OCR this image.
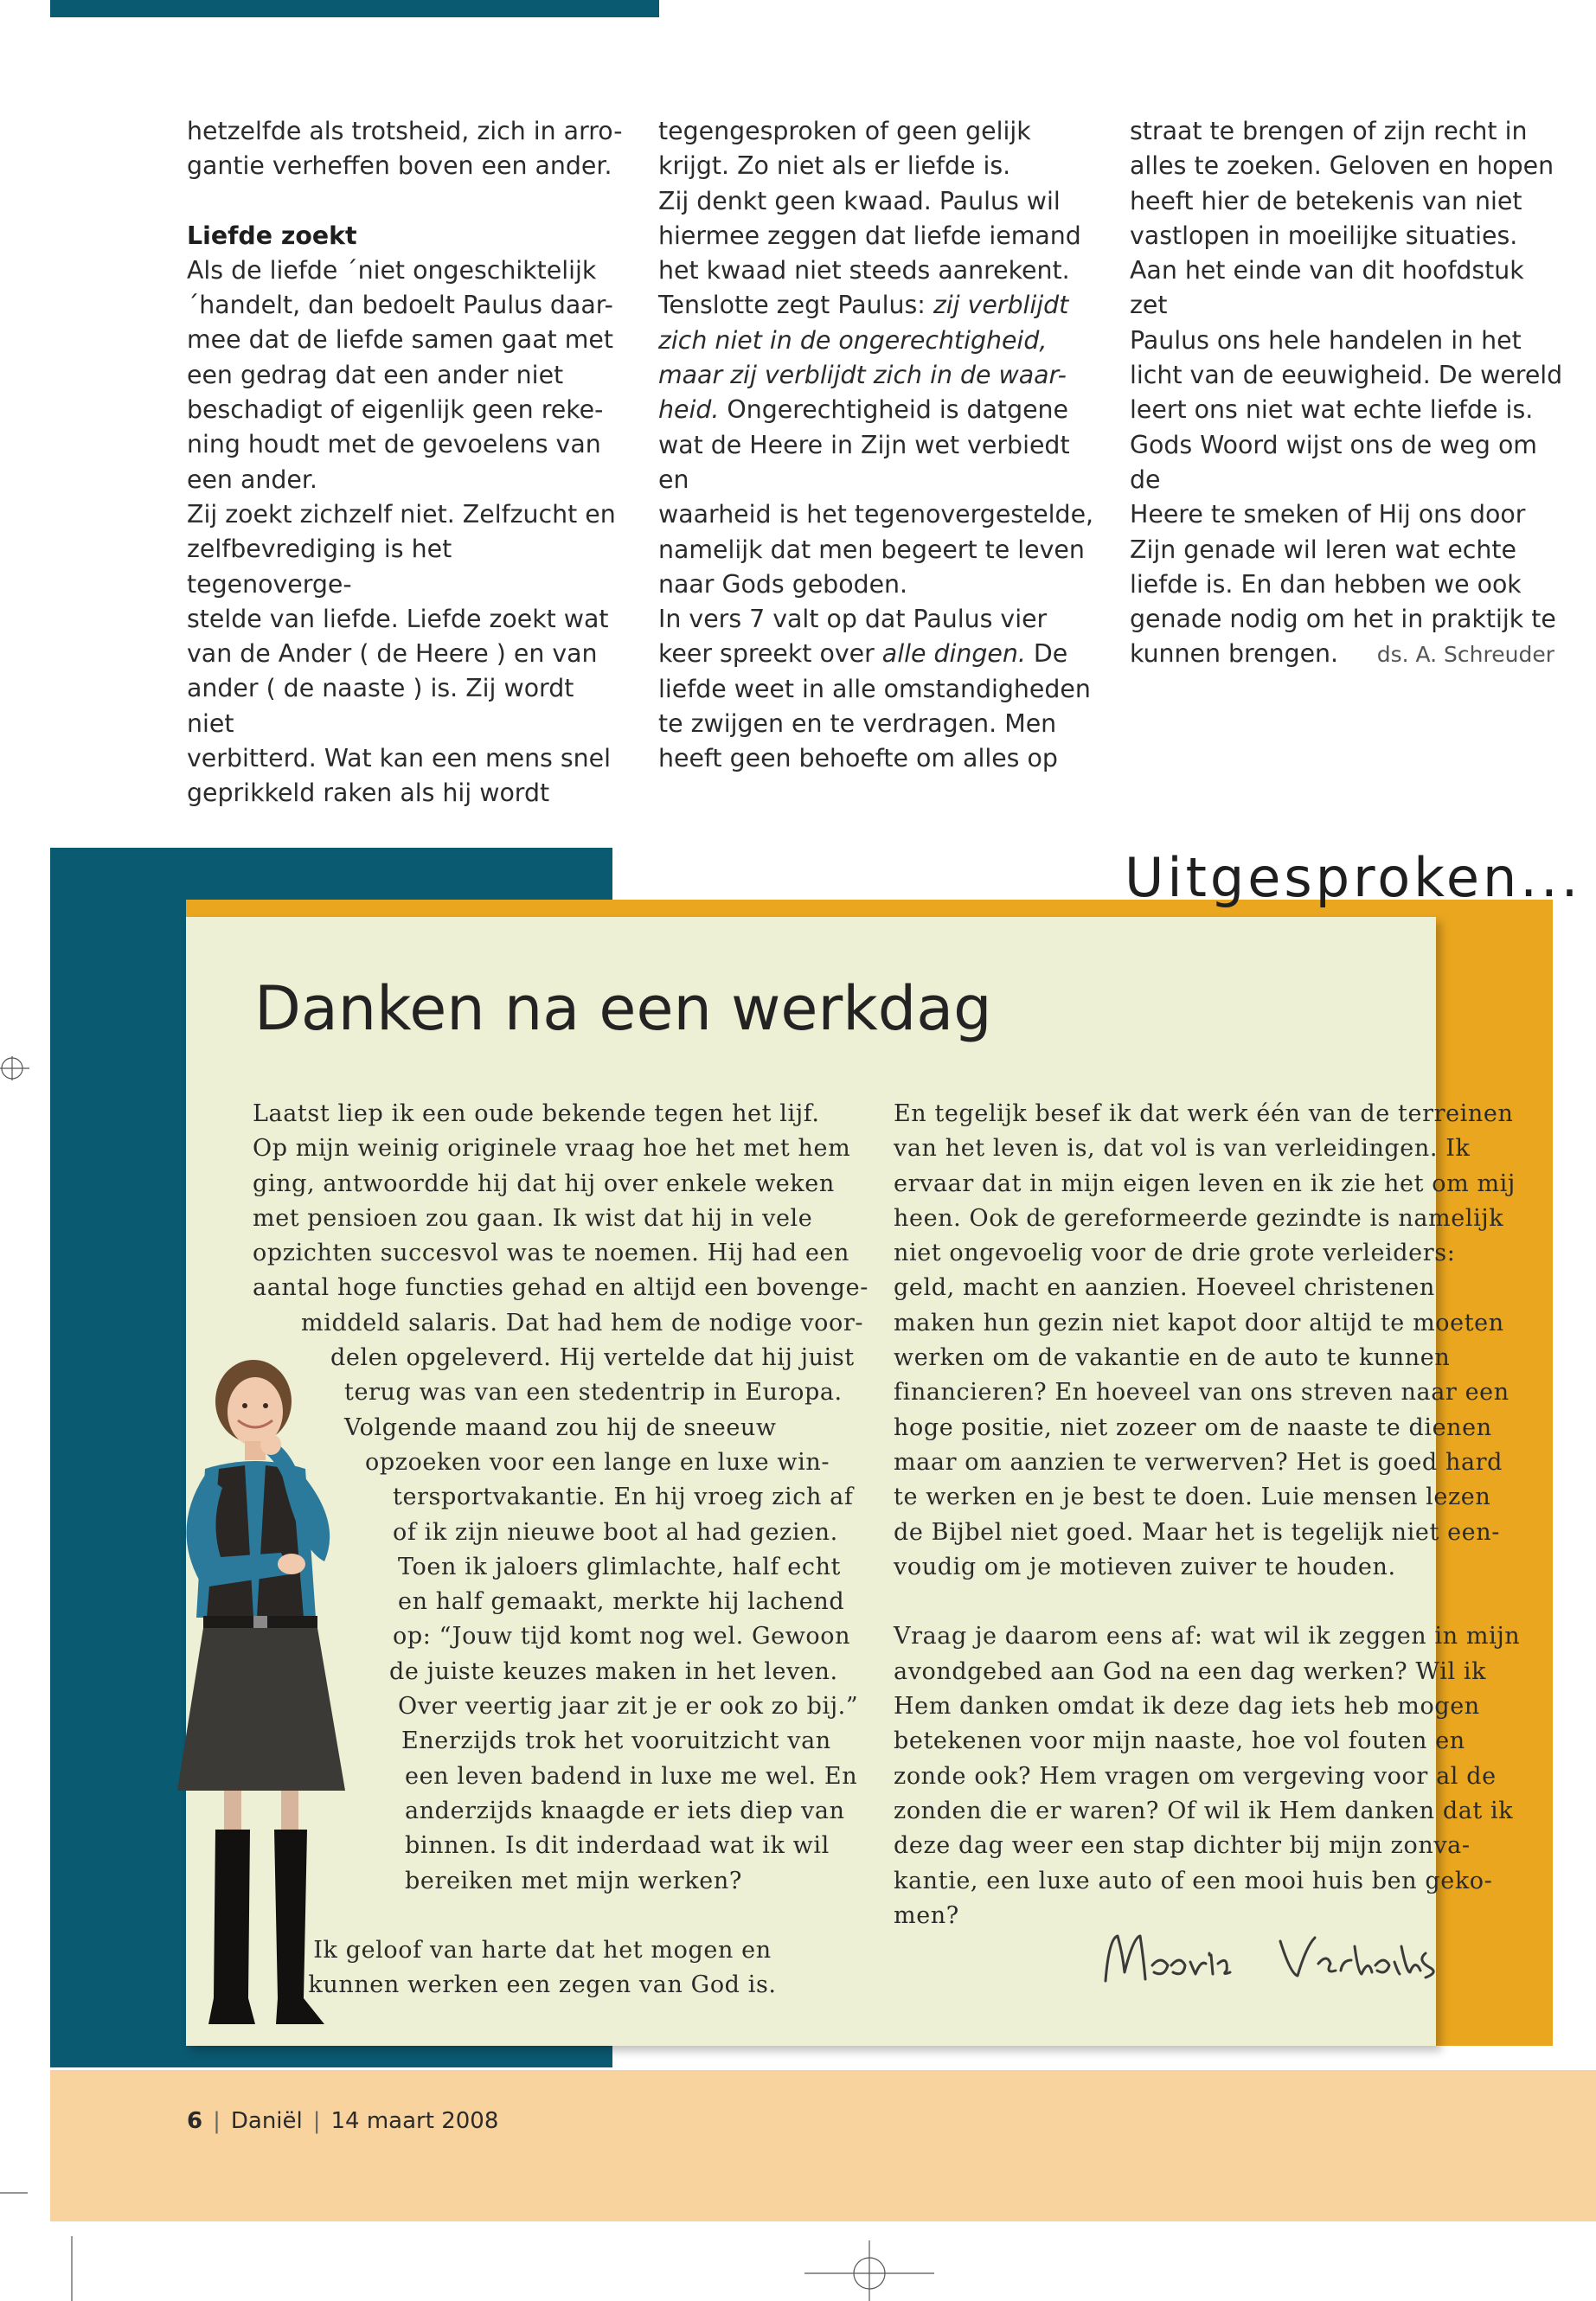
hetzelfde als trotsheid, zich in arro-

gantie verheffen boven een ander.

Liefde zoekt

Als de liefde ´niet ongeschiktelijk

´handelt, dan bedoelt Paulus daar-

mee dat de liefde samen gaat met

een gedrag dat een ander niet

beschadigt of eigenlijk geen reke-

ning houdt met de gevoelens van

een ander.

Zij zoekt zichzelf niet. Zelfzucht en

zelfbevrediging is het tegenoverge-

stelde van liefde. Liefde zoekt wat

van de Ander ( de Heere ) en van

ander ( de naaste ) is. Zij wordt niet

verbitterd. Wat kan een mens snel

geprikkeld raken als hij wordt

tegengesproken of geen gelijk

krijgt. Zo niet als er liefde is.

Zij denkt geen kwaad. Paulus wil

hiermee zeggen dat liefde iemand

het kwaad niet steeds aanrekent.

Tenslotte zegt Paulus: zij verblijdt

zich niet in de ongerechtigheid,

maar zij verblijdt zich in de waar-

heid. Ongerechtigheid is datgene

wat de Heere in Zijn wet verbiedt en

waarheid is het tegenovergestelde,

namelijk dat men begeert te leven

naar Gods geboden.

In vers 7 valt op dat Paulus vier

keer spreekt over alle dingen. De

liefde weet in alle omstandigheden

te zwijgen en te verdragen. Men

heeft geen behoefte om alles op

straat te brengen of zijn recht in

alles te zoeken. Geloven en hopen

heeft hier de betekenis van niet

vastlopen in moeilijke situaties.

Aan het einde van dit hoofdstuk zet

Paulus ons hele handelen in het

licht van de eeuwigheid. De wereld

leert ons niet wat echte liefde is.

Gods Woord wijst ons de weg om de

Heere te smeken of Hij ons door

Zijn genade wil leren wat echte

liefde is. En dan hebben we ook

genade nodig om het in praktijk te

kunnen brengen.	ds. A. Schreuder
Uitgesproken...
Danken na een werkdag
Laatst liep ik een oude bekende tegen het lijf.
Op mijn weinig originele vraag hoe het met hem
ging, antwoordde hij dat hij over enkele weken
met pensioen zou gaan. Ik wist dat hij in vele
opzichten succesvol was te noemen. Hij had een
aantal hoge functies gehad en altijd een bovenge-
middeld salaris. Dat had hem de nodige voor-
delen opgeleverd. Hij vertelde dat hij juist
terug was van een stedentrip in Europa.
Volgende maand zou hij de sneeuw
opzoeken voor een lange en luxe win-
tersportvakantie. En hij vroeg zich af
of ik zijn nieuwe boot al had gezien.
Toen ik jaloers glimlachte, half echt
en half gemaakt, merkte hij lachend
op: “Jouw tijd komt nog wel. Gewoon
de juiste keuzes maken in het leven.
Over veertig jaar zit je er ook zo bij.”
Enerzijds trok het vooruitzicht van
een leven badend in luxe me wel. En
anderzijds knaagde er iets diep van
binnen. Is dit inderdaad wat ik wil
bereiken met mijn werken?
Ik geloof van harte dat het mogen en
kunnen werken een zegen van God is.
En tegelijk besef ik dat werk één van de terreinen
van het leven is, dat vol is van verleidingen. Ik
ervaar dat in mijn eigen leven en ik zie het om mij
heen. Ook de gereformeerde gezindte is namelijk
niet ongevoelig voor de drie grote verleiders:
geld, macht en aanzien. Hoeveel christenen
maken hun gezin niet kapot door altijd te moeten
werken om de vakantie en de auto te kunnen
financieren? En hoeveel van ons streven naar een
hoge positie, niet zozeer om de naaste te dienen
maar om aanzien te verwerven? Het is goed hard
te werken en je best te doen. Luie mensen lezen
de Bijbel niet goed. Maar het is tegelijk niet een-
voudig om je motieven zuiver te houden.
Vraag je daarom eens af: wat wil ik zeggen in mijn
avondgebed aan God na een dag werken? Wil ik
Hem danken omdat ik deze dag iets heb mogen
betekenen voor mijn naaste, hoe vol fouten en
zonde ook? Hem vragen om vergeving voor al de
zonden die er waren? Of wil ik Hem danken dat ik
deze dag weer een stap dichter bij mijn zonva-
kantie, een luxe auto of een mooi huis ben geko-
men?
6 | Daniël | 14 maart 2008
